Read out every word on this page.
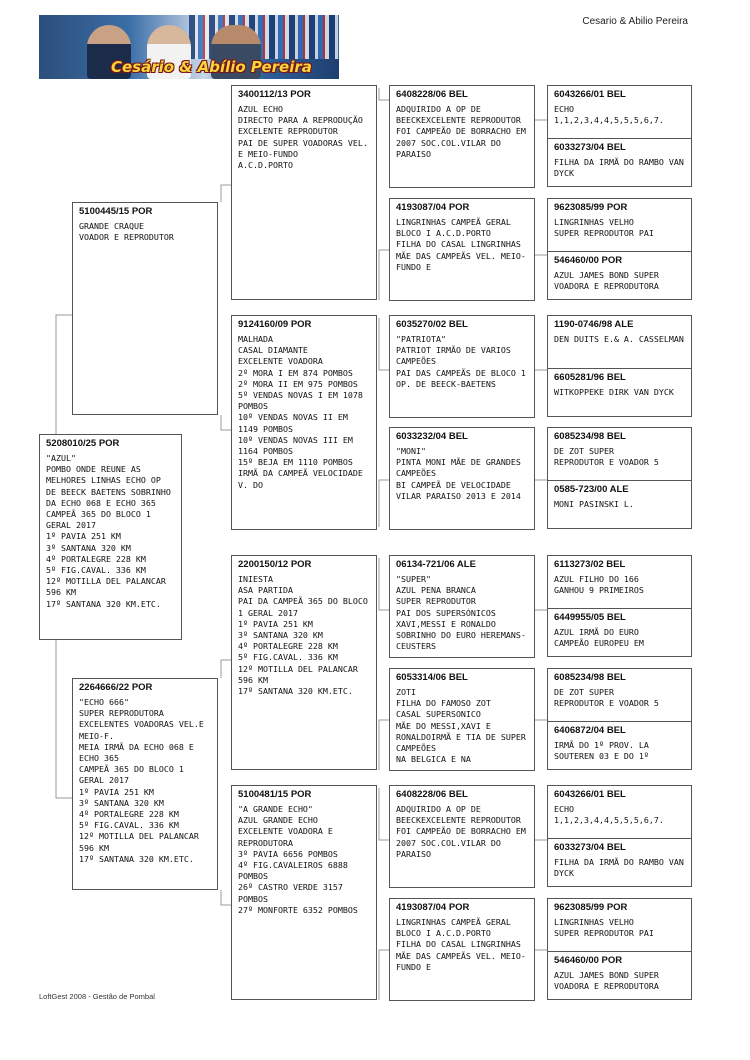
Cesário & Abílio Pereira
Cesario & Abilio Pereira
5208010/25 POR
"AZUL"
POMBO ONDE REUNE AS MELHORES LINHAS ECHO OP DE BEECK BAETENS SOBRINHO DA ECHO 068 E ECHO 365
CAMPEÃ 365 DO BLOCO 1 GERAL 2017
1º PAVIA 251 KM
3º SANTANA 320 KM
4º PORTALEGRE 228 KM
5º FIG.CAVAL. 336 KM
12º MOTILLA DEL PALANCAR 596 KM
17º SANTANA 320 KM.ETC.
5100445/15 POR
GRANDE CRAQUE
VOADOR E REPRODUTOR
2264666/22 POR
"ECHO 666"
SUPER REPRODUTORA EXCELENTES VOADORAS VEL.E MEIO-F.
MEIA IRMÃ DA ECHO 068 E ECHO 365
CAMPEÃ 365 DO BLOCO 1 GERAL 2017
1º PAVIA 251 KM
3º SANTANA 320 KM
4º PORTALEGRE 228 KM
5º FIG.CAVAL. 336 KM
12º MOTILLA DEL PALANCAR 596 KM
17º SANTANA 320 KM.ETC.
3400112/13 POR
AZUL ECHO
DIRECTO PARA A REPRODUÇÃO
EXCELENTE REPRODUTOR
PAI DE SUPER VOADORAS VEL. E MEIO-FUNDO
A.C.D.PORTO
9124160/09 POR
MALHADA
CASAL DIAMANTE
EXCELENTE VOADORA
2º MORA I EM 874 POMBOS
2º MORA II EM 975 POMBOS
5º VENDAS NOVAS I EM 1078 POMBOS
10º VENDAS NOVAS II EM 1149 POMBOS
10º VENDAS NOVAS III EM 1164 POMBOS
15º BEJA EM 1110 POMBOS
IRMÃ DA CAMPEÃ VELOCIDADE V. DO
2200150/12 POR
INIESTA
ASA PARTIDA
PAI DA CAMPEÃ 365 DO BLOCO 1 GERAL 2017
1º PAVIA 251 KM
3º SANTANA 320 KM
4º PORTALEGRE 228 KM
5º FIG.CAVAL. 336 KM
12º MOTILLA DEL PALANCAR 596 KM
17º SANTANA 320 KM.ETC.
5100481/15 POR
"A GRANDE ECHO"
AZUL GRANDE ECHO
EXCELENTE VOADORA E REPRODUTORA
3º PAVIA 6656 POMBOS
4º FIG.CAVALEIROS 6888 POMBOS
26º CASTRO VERDE 3157 POMBOS
27º MONFORTE 6352 POMBOS
6408228/06 BEL
ADQUIRIDO A OP DE BEECKEXCELENTE REPRODUTOR
FOI CAMPEÃO DE BORRACHO EM 2007 SOC.COL.VILAR DO PARAISO
4193087/04 POR
LINGRINHAS CAMPEÃ GERAL
BLOCO I A.C.D.PORTO
FILHA DO CASAL LINGRINHAS
MÃE DAS CAMPEÃS VEL. MEIO-FUNDO E
6035270/02 BEL
"PATRIOTA"
PATRIOT IRMÃO DE VARIOS CAMPEÕES
PAI DAS CAMPEÃS DE BLOCO 1 OP. DE BEECK-BAETENS
6033232/04 BEL
"MONI"
PINTA MONI MÃE DE GRANDES CAMPEÕES
BI CAMPEÃ DE VELOCIDADE
VILAR PARAISO 2013 E 2014
06134-721/06 ALE
"SUPER"
AZUL PENA BRANCA
SUPER REPRODUTOR
PAI DOS SUPERSÓNICOS XAVI,MESSI E RONALDO
SOBRINHO DO EURO HEREMANS-CEUSTERS
6053314/06 BEL
ZOTI
FILHA DO FAMOSO ZOT
CASAL SUPERSONICO
MÃE DO MESSI,XAVI E RONALDOIRMÃ E TIA DE SUPER CAMPEÕES
NA BELGICA E NA
6408228/06 BEL
ADQUIRIDO A OP DE BEECKEXCELENTE REPRODUTOR
FOI CAMPEÃO DE BORRACHO EM 2007 SOC.COL.VILAR DO PARAISO
4193087/04 POR
LINGRINHAS CAMPEÃ GERAL
BLOCO I A.C.D.PORTO
FILHA DO CASAL LINGRINHAS
MÃE DAS CAMPEÃS VEL. MEIO-FUNDO E
6043266/01 BEL
ECHO
1,1,2,3,4,4,5,5,5,6,7.
6033273/04 BEL
FILHA DA IRMÃ DO RAMBO VAN DYCK
9623085/99 POR
LINGRINHAS VELHO
SUPER REPRODUTOR PAI
546460/00 POR
AZUL JAMES BOND SUPER VOADORA E REPRODUTORA
1190-0746/98 ALE
DEN DUITS E.& A. CASSELMAN
6605281/96 BEL
WITKOPPEKE DIRK VAN DYCK
6085234/98 BEL
DE ZOT SUPER
REPRODUTOR E VOADOR 5
0585-723/00 ALE
MONI PASINSKI L.
6113273/02 BEL
AZUL FILHO DO 166
GANHOU 9 PRIMEIROS
6449955/05 BEL
AZUL IRMÃ DO EURO
CAMPEÃO EUROPEU EM
6085234/98 BEL
DE ZOT SUPER
REPRODUTOR E VOADOR 5
6406872/04 BEL
IRMÃ DO 1º PROV. LA SOUTEREN 03 E DO 1º
6043266/01 BEL
ECHO
1,1,2,3,4,4,5,5,5,6,7.
6033273/04 BEL
FILHA DA IRMÃ DO RAMBO VAN DYCK
9623085/99 POR
LINGRINHAS VELHO
SUPER REPRODUTOR PAI
546460/00 POR
AZUL JAMES BOND SUPER VOADORA E REPRODUTORA
LoftGest 2008 - Gestão de Pombal
